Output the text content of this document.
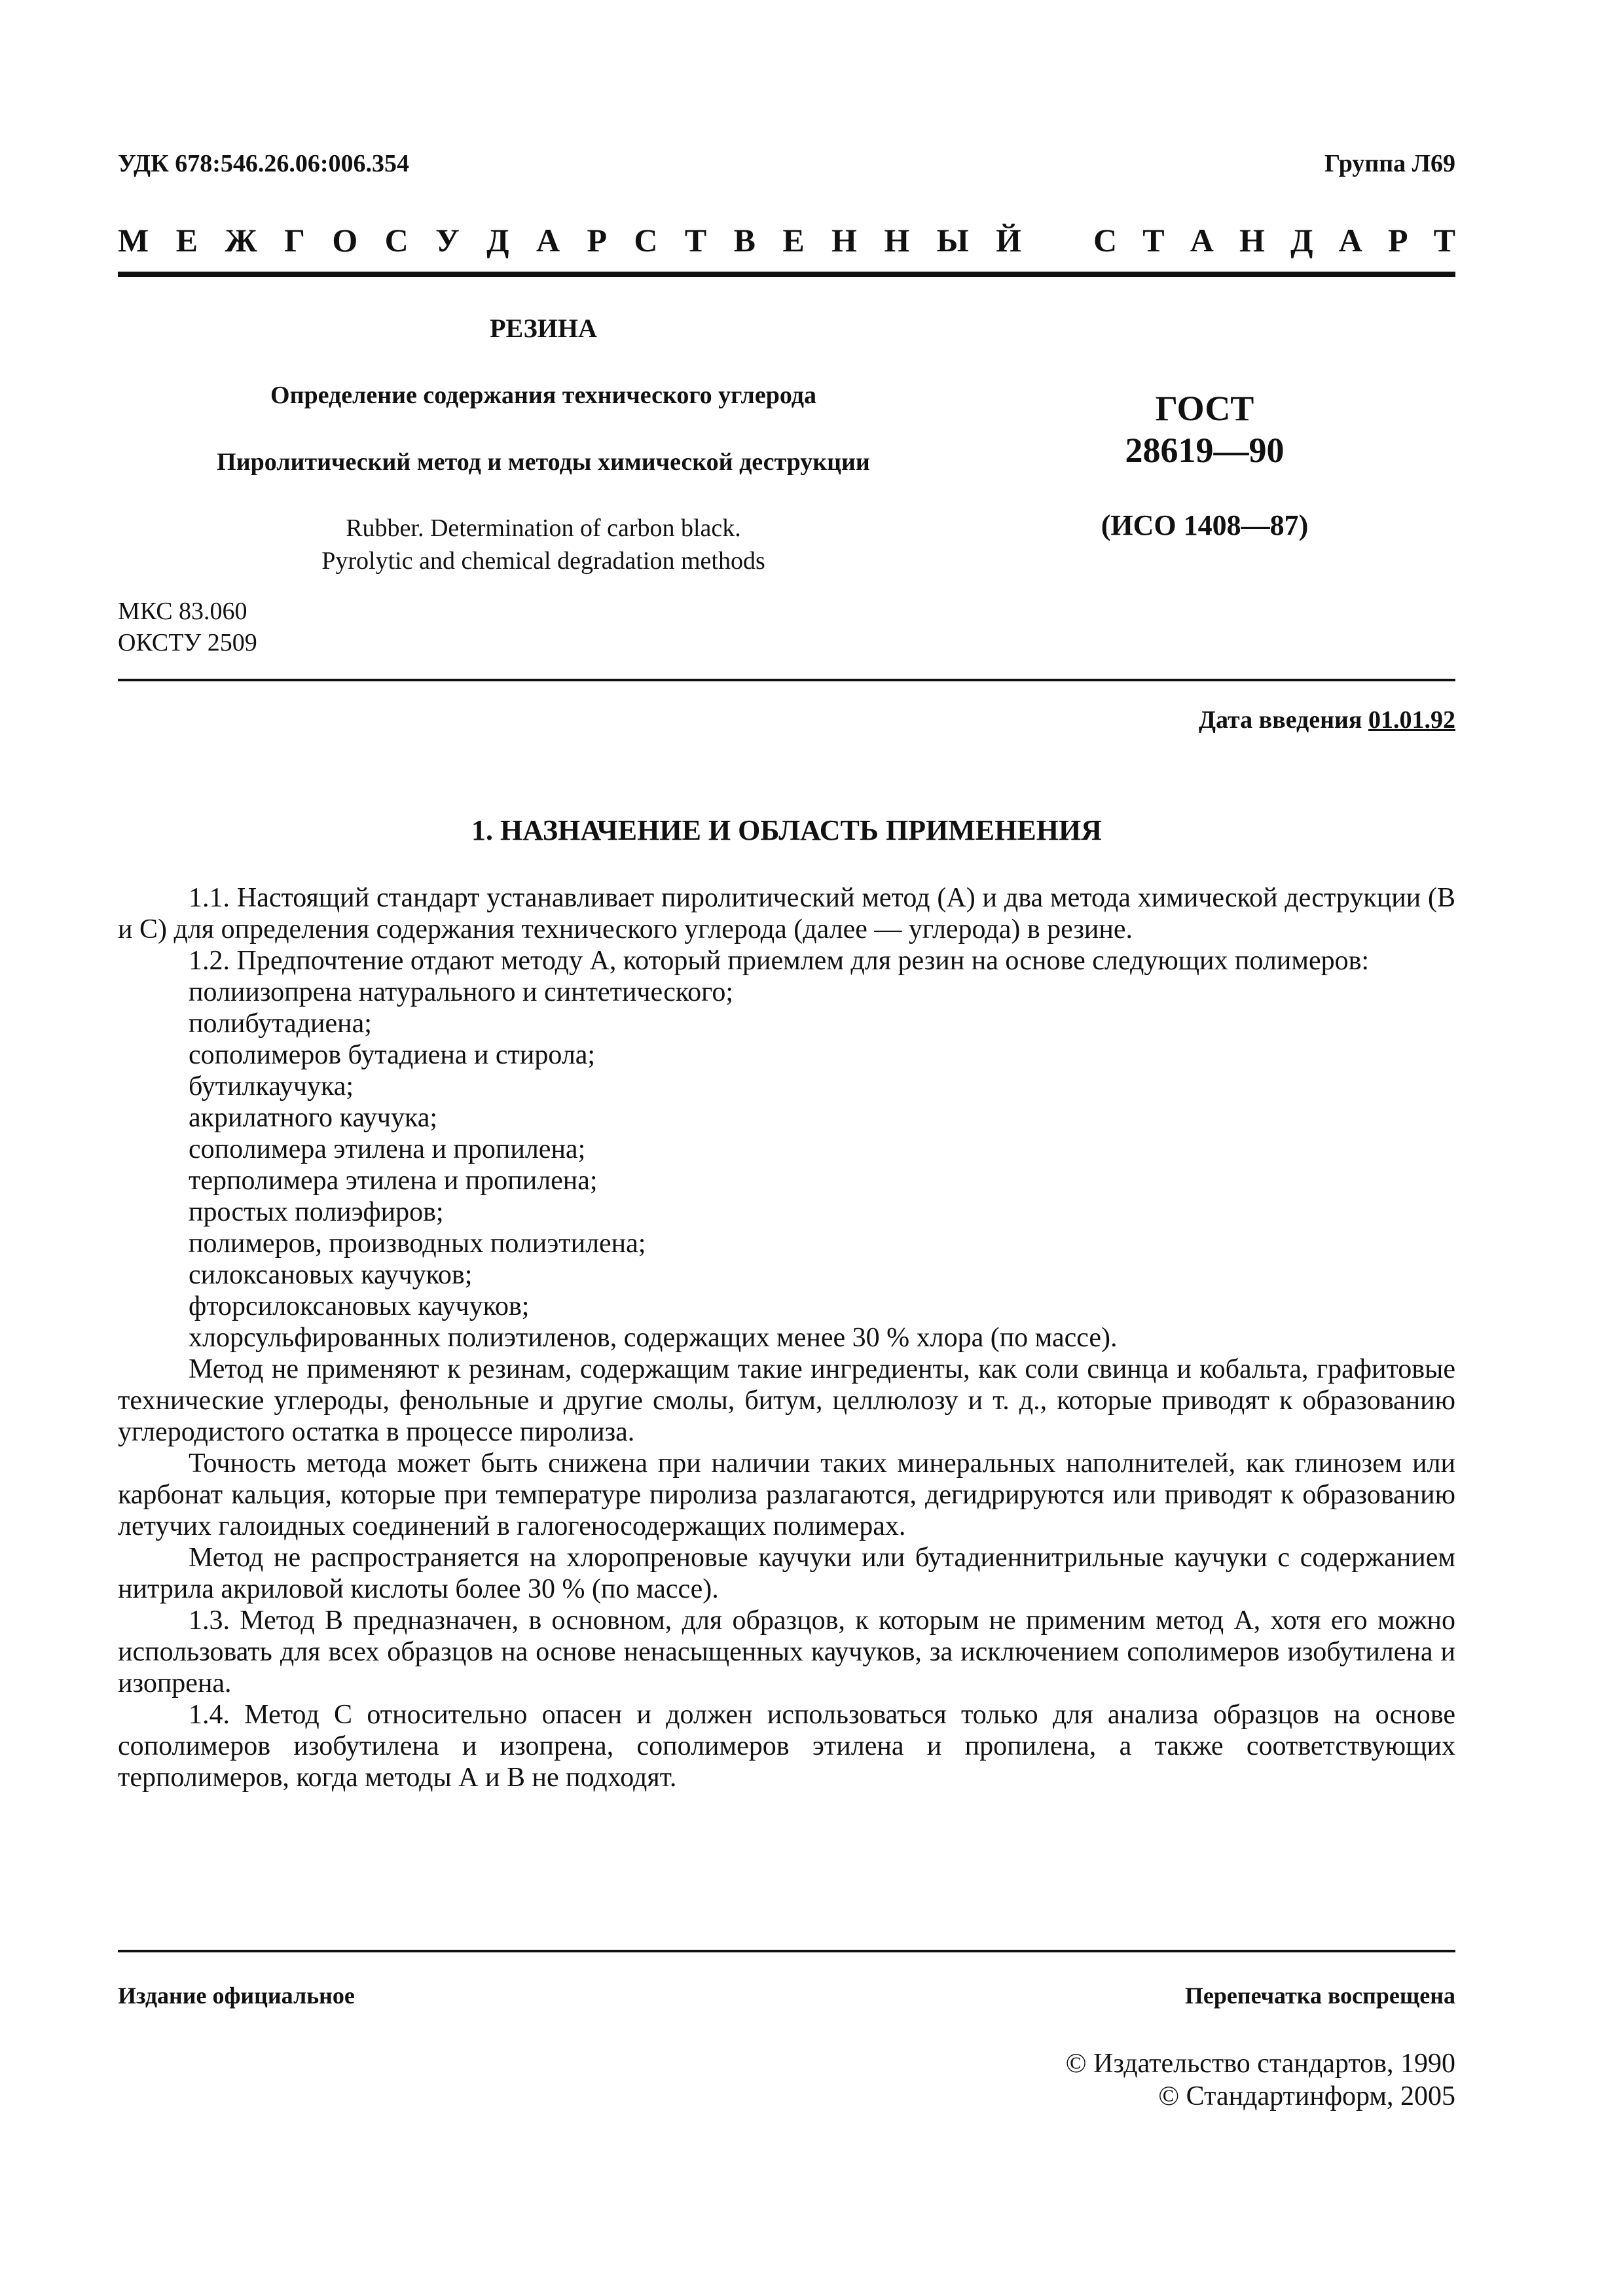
УДК 678:546.26.06:006.354	Группа Л69
М Е Ж Г О С У Д А Р С Т В Е Н Н Ы Й С Т А Н Д А Р Т
РЕЗИНА
Определение содержания технического углерода
Пиролитический метод и методы химической деструкции
Rubber. Determination of carbon black.
Pyrolytic and chemical degradation methods
ГОСТ
28619—90
(ИСО 1408—87)
МКС 83.060
ОКСТУ 2509
Дата введения 01.01.92
1. НАЗНАЧЕНИЕ И ОБЛАСТЬ ПРИМЕНЕНИЯ

1.1. Настоящий стандарт устанавливает пиролитический метод (А) и два метода химической деструкции (В и С) для определения содержания технического углерода (далее — углерода) в резине.

1.2. Предпочтение отдают методу А, который приемлем для резин на основе следующих полимеров:

полиизопрена натурального и синтетического;

полибутадиена;

сополимеров бутадиена и стирола;

бутилкаучука;

акрилатного каучука;

сополимера этилена и пропилена;

терполимера этилена и пропилена;

простых полиэфиров;

полимеров, производных полиэтилена;

силоксановых каучуков;

фторсилоксановых каучуков;

хлорсульфированных полиэтиленов, содержащих менее 30 % хлора (по массе).

Метод не применяют к резинам, содержащим такие ингредиенты, как соли свинца и кобальта, графитовые технические углероды, фенольные и другие смолы, битум, целлюлозу и т. д., которые приводят к образованию углеродистого остатка в процессе пиролиза.

Точность метода может быть снижена при наличии таких минеральных наполнителей, как глинозем или карбонат кальция, которые при температуре пиролиза разлагаются, дегидрируются или приводят к образованию летучих галоидных соединений в галогеносодержащих полимерах.

Метод не распространяется на хлоропреновые каучуки или бутадиеннитрильные каучуки с содержанием нитрила акриловой кислоты более 30 % (по массе).

1.3. Метод В предназначен, в основном, для образцов, к которым не применим метод А, хотя его можно использовать для всех образцов на основе ненасыщенных каучуков, за исключением сополимеров изобутилена и изопрена.

1.4. Метод С относительно опасен и должен использоваться только для анализа образцов на основе сополимеров изобутилена и изопрена, сополимеров этилена и пропилена, а также соответствующих терполимеров, когда методы А и В не подходят.

Издание официальное	Перепечатка воспрещена
© Издательство стандартов, 1990
© Стандартинформ, 2005
